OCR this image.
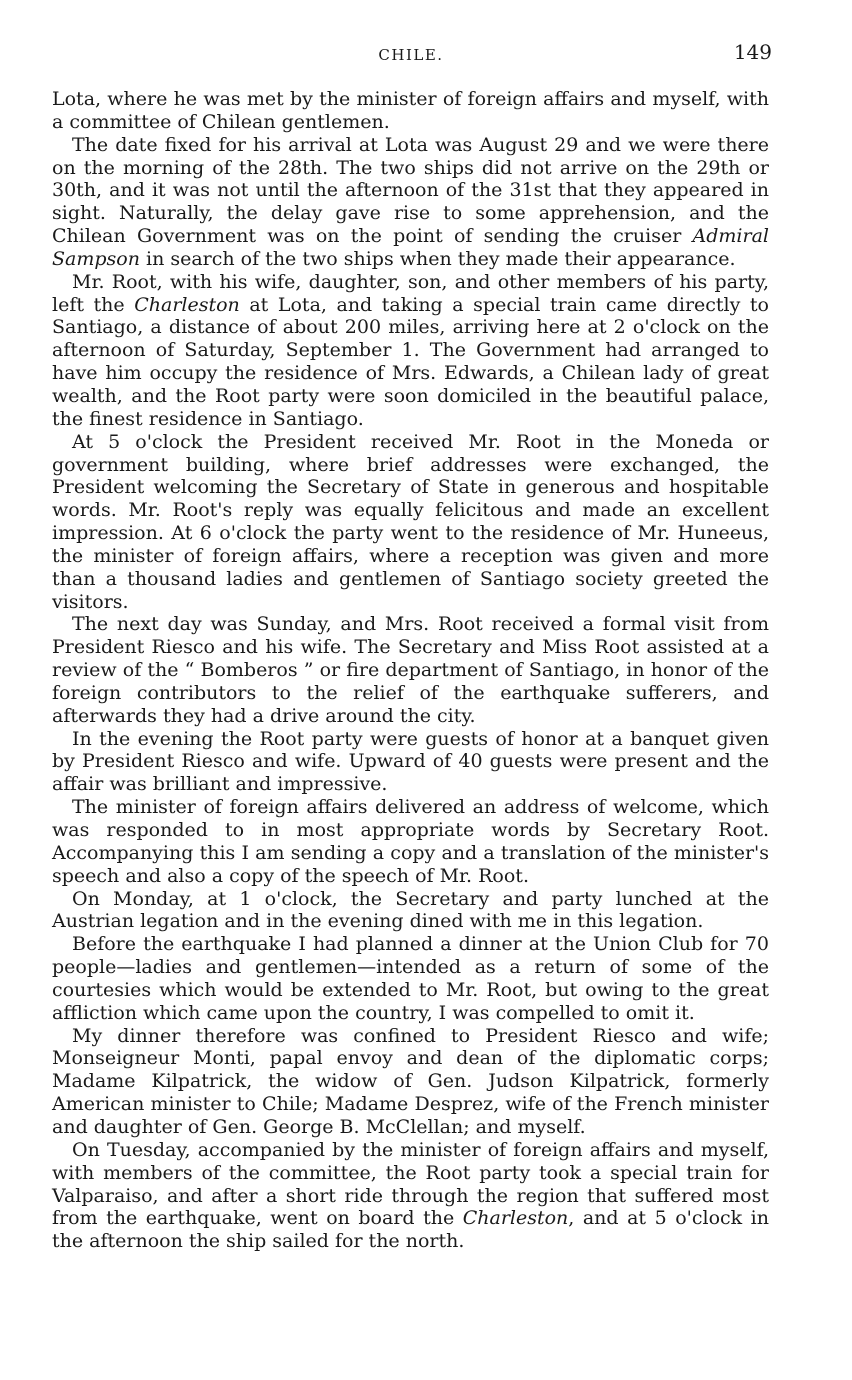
CHILE.	149

Lota, where he was met by the minister of foreign affairs and myself, with a committee of Chilean gentlemen.

The date fixed for his arrival at Lota was August 29 and we were there on the morning of the 28th. The two ships did not arrive on the 29th or 30th, and it was not until the afternoon of the 31st that they appeared in sight. Naturally, the delay gave rise to some apprehension, and the Chilean Government was on the point of sending the cruiser Admiral Sampson in search of the two ships when they made their appearance.

Mr. Root, with his wife, daughter, son, and other members of his party, left the Charleston at Lota, and taking a special train came directly to Santiago, a distance of about 200 miles, arriving here at 2 o'clock on the afternoon of Saturday, September 1. The Government had arranged to have him occupy the residence of Mrs. Edwards, a Chilean lady of great wealth, and the Root party were soon domiciled in the beautiful palace, the finest residence in Santiago.

At 5 o'clock the President received Mr. Root in the Moneda or government building, where brief addresses were exchanged, the President welcoming the Secretary of State in generous and hospitable words. Mr. Root's reply was equally felicitous and made an excellent impression. At 6 o'clock the party went to the residence of Mr. Huneeus, the minister of foreign affairs, where a reception was given and more than a thousand ladies and gentlemen of Santiago society greeted the visitors.

The next day was Sunday, and Mrs. Root received a formal visit from President Riesco and his wife. The Secretary and Miss Root assisted at a review of the “ Bomberos ” or fire department of Santiago, in honor of the foreign contributors to the relief of the earthquake sufferers, and afterwards they had a drive around the city.

In the evening the Root party were guests of honor at a banquet given by President Riesco and wife. Upward of 40 guests were present and the affair was brilliant and impressive.

The minister of foreign affairs delivered an address of welcome, which was responded to in most appropriate words by Secretary Root. Accompanying this I am sending a copy and a translation of the minister's speech and also a copy of the speech of Mr. Root.

On Monday, at 1 o'clock, the Secretary and party lunched at the Austrian legation and in the evening dined with me in this legation.

Before the earthquake I had planned a dinner at the Union Club for 70 people—ladies and gentlemen—intended as a return of some of the courtesies which would be extended to Mr. Root, but owing to the great affliction which came upon the country, I was compelled to omit it.

My dinner therefore was confined to President Riesco and wife; Monseigneur Monti, papal envoy and dean of the diplomatic corps; Madame Kilpatrick, the widow of Gen. Judson Kilpatrick, formerly American minister to Chile; Madame Desprez, wife of the French minister and daughter of Gen. George B. McClellan; and myself.

On Tuesday, accompanied by the minister of foreign affairs and myself, with members of the committee, the Root party took a special train for Valparaiso, and after a short ride through the region that suffered most from the earthquake, went on board the Charleston, and at 5 o'clock in the afternoon the ship sailed for the north.
